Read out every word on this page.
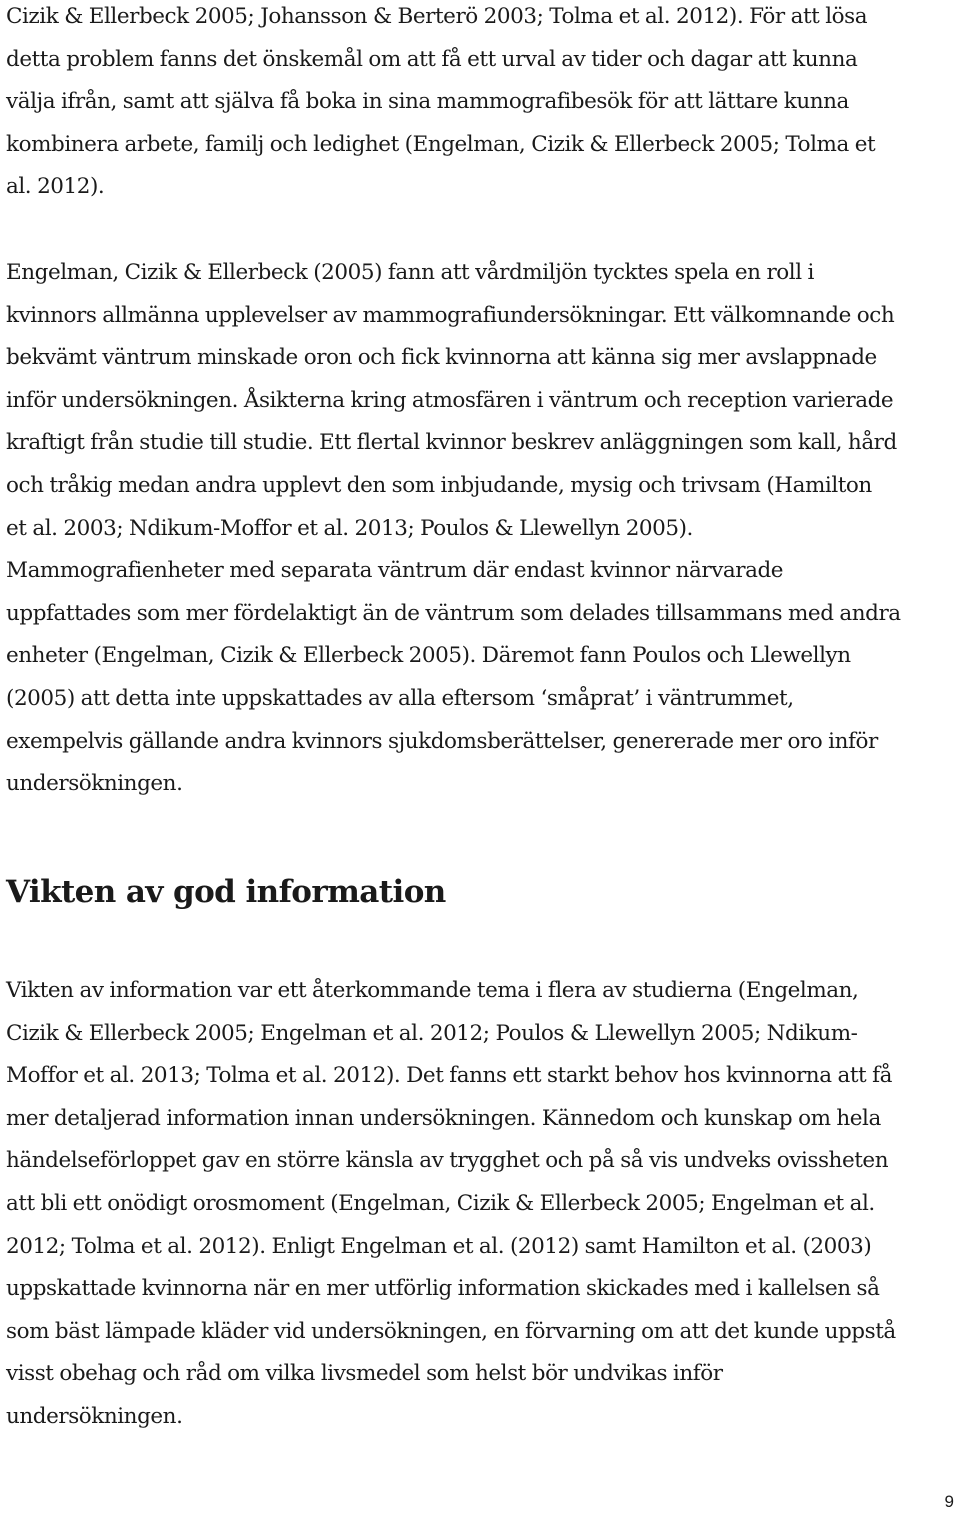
Cizik & Ellerbeck 2005; Johansson & Berterö 2003; Tolma et al. 2012). För att lösa
detta problem fanns det önskemål om att få ett urval av tider och dagar att kunna
välja ifrån, samt att själva få boka in sina mammografibesök för att lättare kunna
kombinera arbete, familj och ledighet (Engelman, Cizik & Ellerbeck 2005; Tolma et
al. 2012).

Engelman, Cizik & Ellerbeck (2005) fann att vårdmiljön tycktes spela en roll i
kvinnors allmänna upplevelser av mammografiundersökningar. Ett välkomnande och
bekvämt väntrum minskade oron och fick kvinnorna att känna sig mer avslappnade
inför undersökningen. Åsikterna kring atmosfären i väntrum och reception varierade
kraftigt från studie till studie. Ett flertal kvinnor beskrev anläggningen som kall, hård
och tråkig medan andra upplevt den som inbjudande, mysig och trivsam (Hamilton
et al. 2003; Ndikum-Moffor et al. 2013; Poulos & Llewellyn 2005).
Mammografienheter med separata väntrum där endast kvinnor närvarade
uppfattades som mer fördelaktigt än de väntrum som delades tillsammans med andra
enheter (Engelman, Cizik & Ellerbeck 2005). Däremot fann Poulos och Llewellyn
(2005) att detta inte uppskattades av alla eftersom ‘småprat’ i väntrummet,
exempelvis gällande andra kvinnors sjukdomsberättelser, genererade mer oro inför
undersökningen.

Vikten av god information

Vikten av information var ett återkommande tema i flera av studierna (Engelman,
Cizik & Ellerbeck 2005; Engelman et al. 2012; Poulos & Llewellyn 2005; Ndikum-
Moffor et al. 2013; Tolma et al. 2012). Det fanns ett starkt behov hos kvinnorna att få
mer detaljerad information innan undersökningen. Kännedom och kunskap om hela
händelseförloppet gav en större känsla av trygghet och på så vis undveks ovissheten
att bli ett onödigt orosmoment (Engelman, Cizik & Ellerbeck 2005; Engelman et al.
2012; Tolma et al. 2012). Enligt Engelman et al. (2012) samt Hamilton et al. (2003)
uppskattade kvinnorna när en mer utförlig information skickades med i kallelsen så
som bäst lämpade kläder vid undersökningen, en förvarning om att det kunde uppstå
visst obehag och råd om vilka livsmedel som helst bör undvikas inför
undersökningen.

9
